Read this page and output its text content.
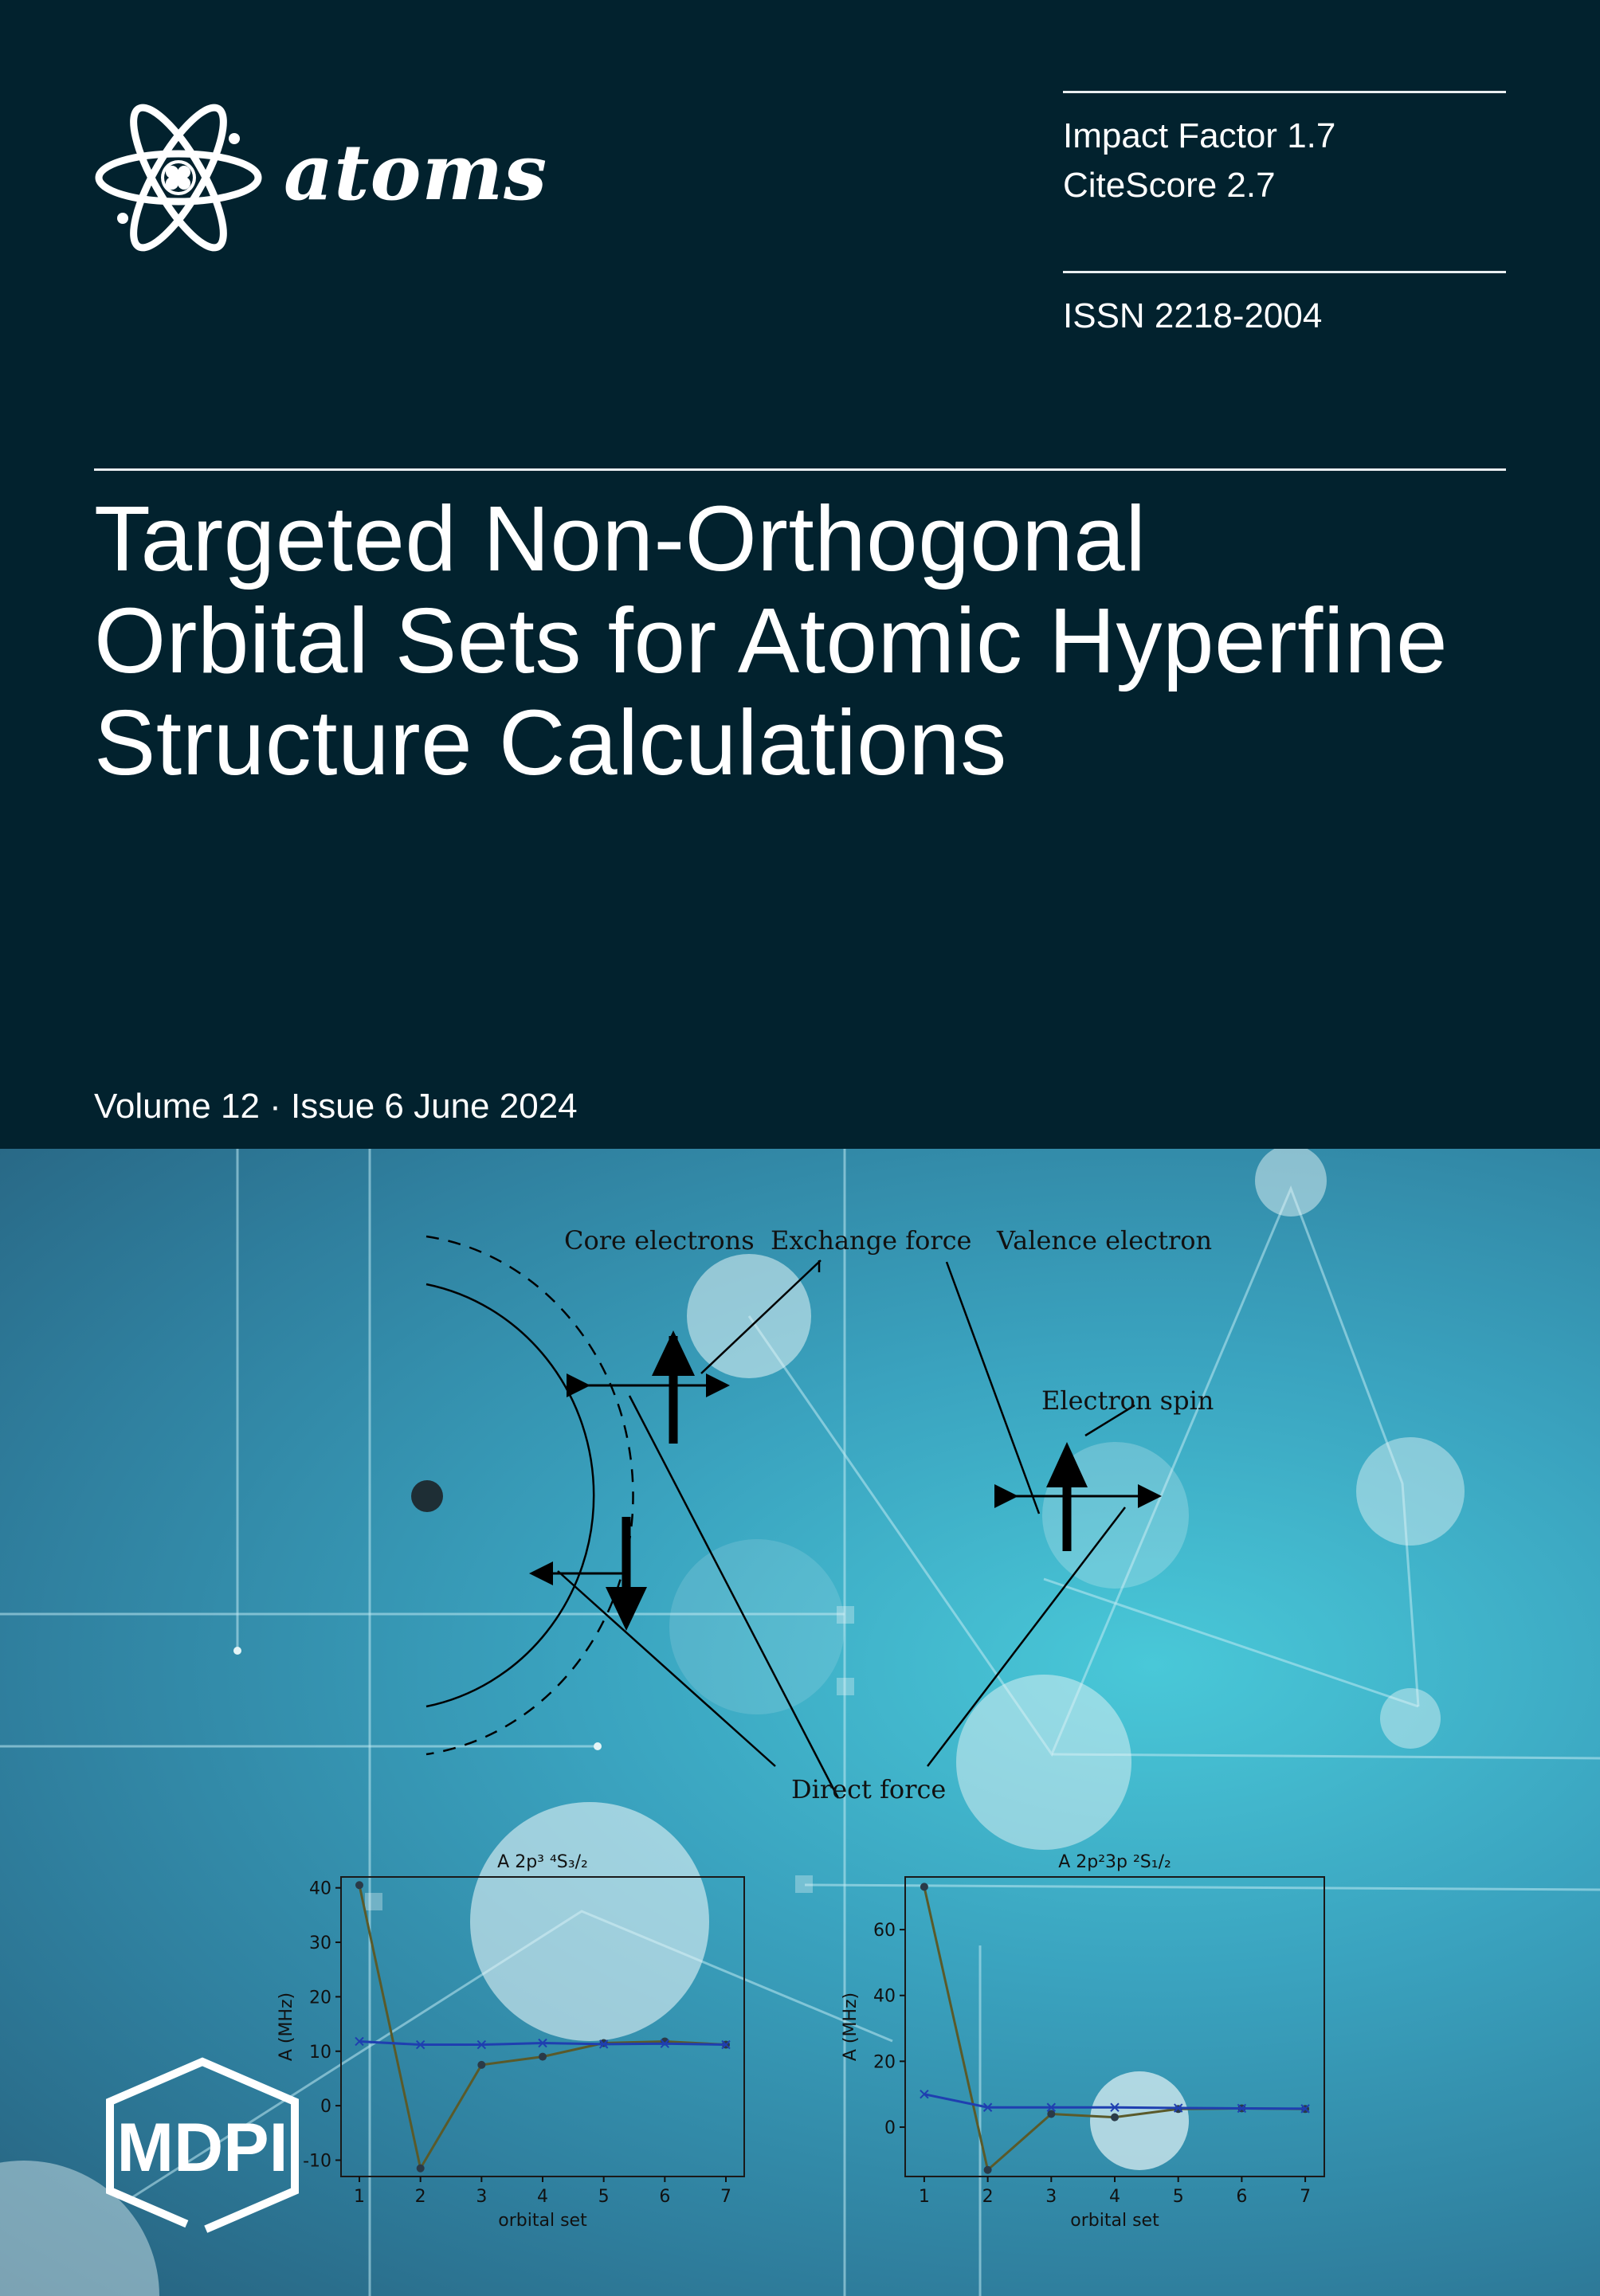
atoms	Impact Factor 1.7
CiteScore 2.7
ISSN 2218-2004
Targeted Non-Orthogonal
Orbital Sets for Atomic Hyperfine
Structure Calculations
Volume 12 · Issue 6 June 2024
Core electrons Exchange force Valence electron
Electron spin
Direct force
A 2p³ ⁴S₃/₂
orbital set
A (MHz)
1	2	3	4	5	6	7
-10
0
10
20
30
40
A 2p²3p ²S₁/₂
orbital set
A (MHz)
1	2	3	4	5	6	7
0
20
40
60
MDPI
